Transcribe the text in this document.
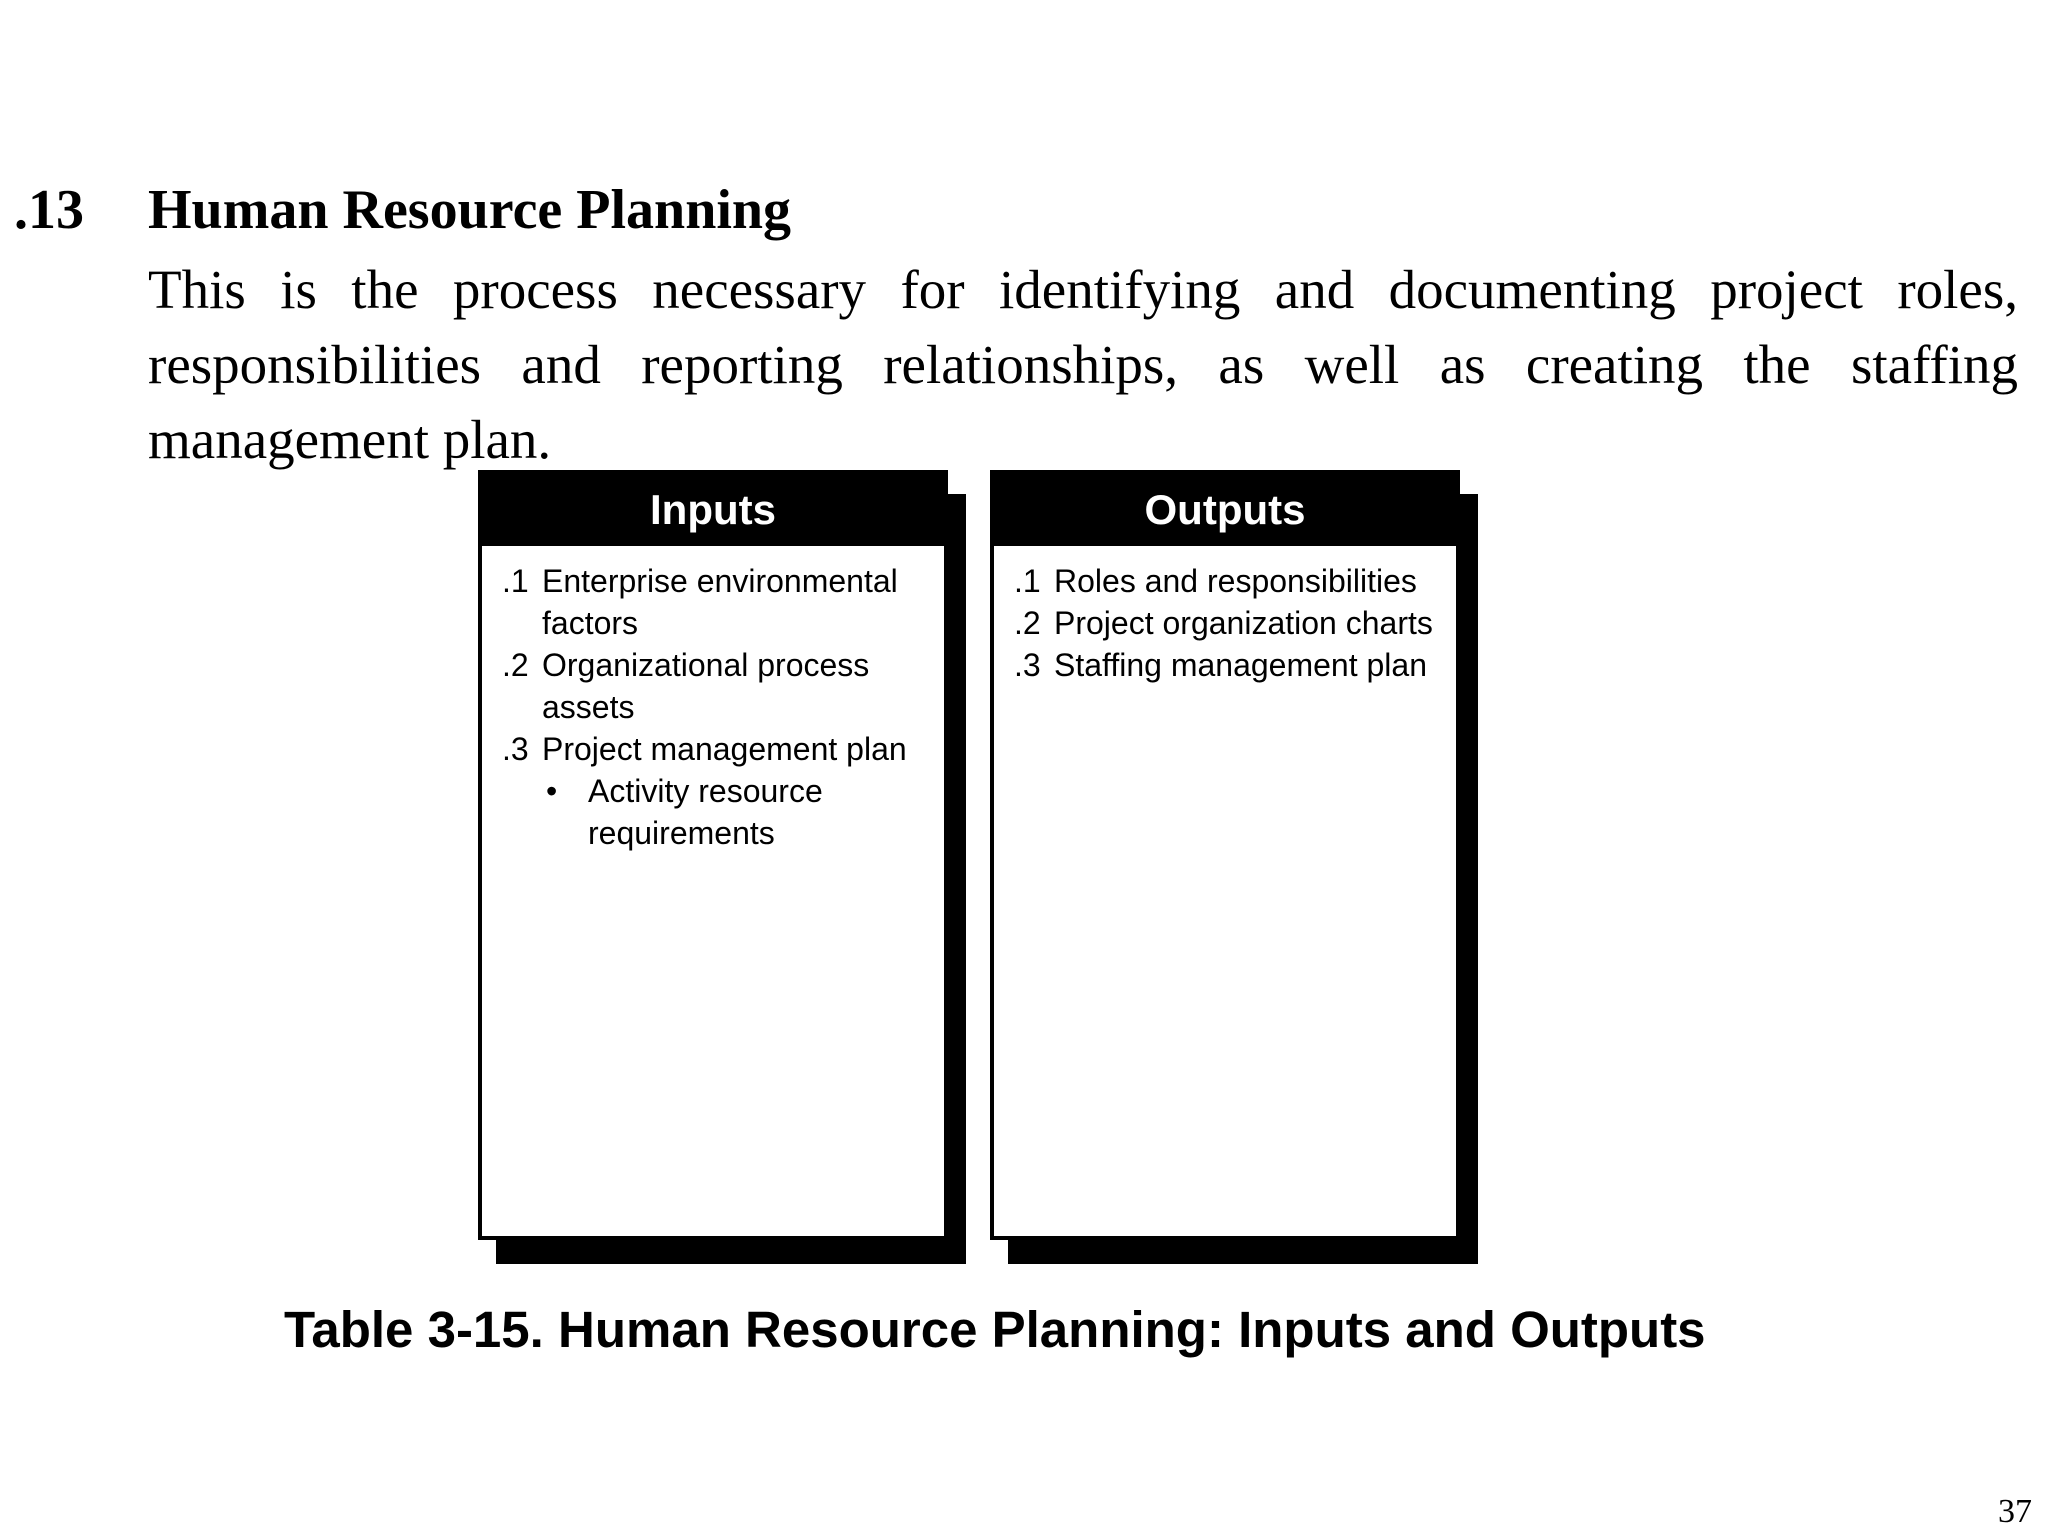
.13 Human Resource Planning
This is the process necessary for identifying and documenting project roles, responsibilities and reporting relationships, as well as creating the staffing management plan.
Inputs
.1 Enterprise environmental factors
.2 Organizational process assets
.3 Project management plan
• Activity resource requirements
Outputs
.1 Roles and responsibilities
.2 Project organization charts
.3 Staffing management plan
Table 3-15. Human Resource Planning: Inputs and Outputs
37
